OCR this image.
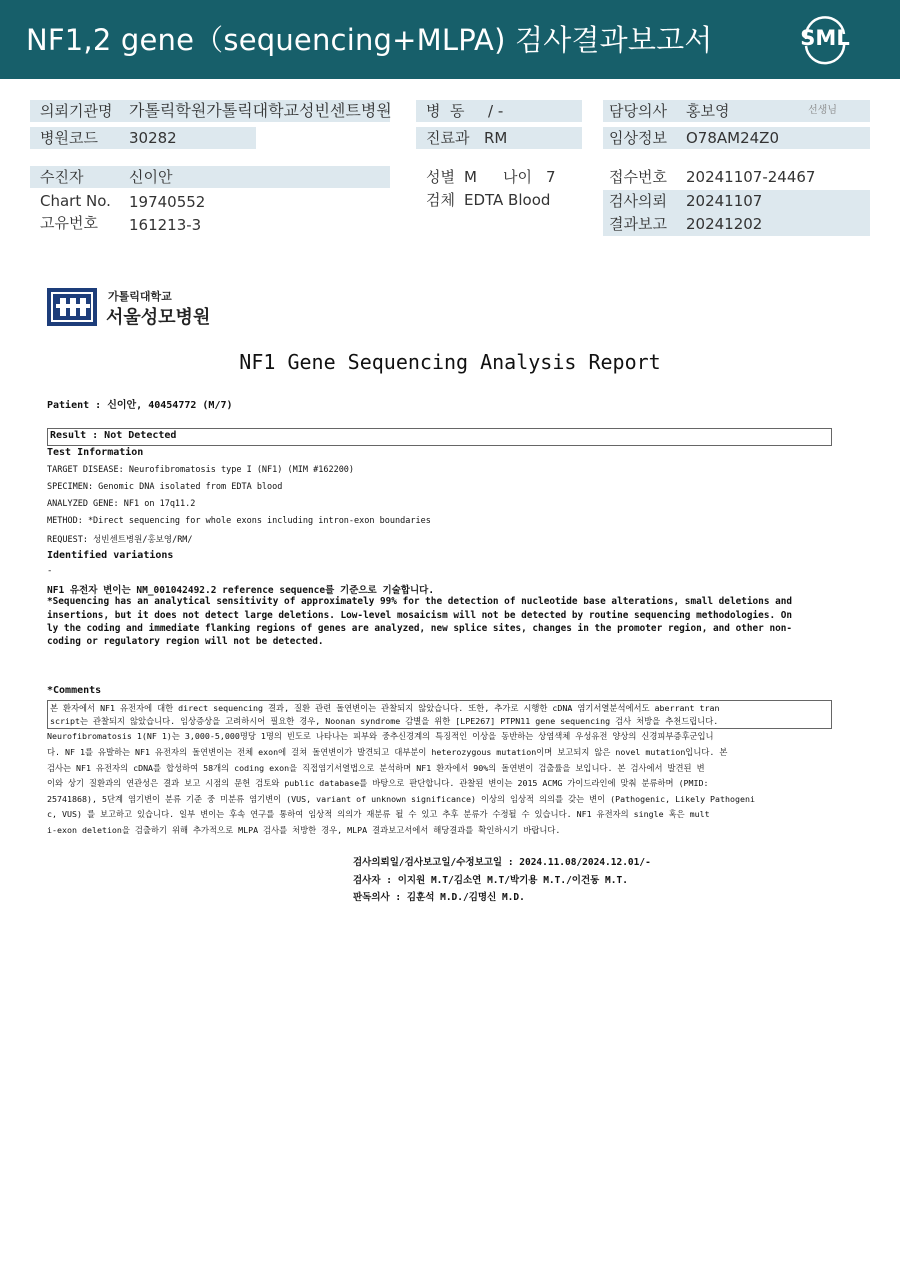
NF1,2 gene（sequencing+MLPA) 검사결과보고서	SML
의뢰기관명 가톨릭학원가톨릭대학교성빈센트병원
병원코드 30282
병  동 / -
진료과 RM
담당의사 홍보영	선생님
임상정보 O78AM24Z0
수진자	신이안
Chart No. 19740552
고유번호 161213-3
성별 M 나이 7
검체 EDTA Blood
접수번호 20241107-24467
검사의뢰 20241107
결과보고 20241202
가톨릭대학교
서울성모병원
NF1 Gene Sequencing Analysis Report
Patient : 신이안, 40454772 (M/7)
Result : Not Detected
Test Information
TARGET DISEASE: Neurofibromatosis type I (NF1) (MIM #162200)
SPECIMEN: Genomic DNA isolated from EDTA blood
ANALYZED GENE: NF1 on 17q11.2
METHOD: *Direct sequencing for whole exons including intron-exon boundaries
REQUEST: 성빈센트병원/홍보영/RM/
Identified variations
-
NF1 유전자 변이는 NM_001042492.2 reference sequence를 기준으로 기술합니다.
*Sequencing has an analytical sensitivity of approximately 99% for the detection of nucleotide base alterations, small deletions and
insertions, but it does not detect large deletions. Low-level mosaicism will not be detected by routine sequencing methodologies. On
ly the coding and immediate flanking regions of genes are analyzed, new splice sites, changes in the promoter region, and other non-
coding or regulatory region will not be detected.
*Comments
본 환자에서 NF1 유전자에 대한 direct sequencing 결과, 질환 관련 돌연변이는 관찰되지 않았습니다. 또한, 추가로 시행한 cDNA 염기서열분석에서도 aberrant tran
script는 관찰되지 않았습니다. 임상증상을 고려하시어 필요한 경우, Noonan syndrome 감별을 위한 [LPE267] PTPN11 gene sequencing 검사 처방을 추천드립니다.
Neurofibromatosis 1(NF 1)는 3,000-5,000명당 1명의 빈도로 나타나는 피부와 중추신경계의 특징적인 이상을 동반하는 상염색체 우성유전 양상의 신경피부증후군입니
다. NF 1를 유발하는 NF1 유전자의 돌연변이는 전체 exon에 걸쳐 돌연변이가 발견되고 대부분이 heterozygous mutation이며 보고되지 않은 novel mutation입니다. 본
검사는 NF1 유전자의 cDNA를 합성하여 58개의 coding exon을 직접염기서열법으로 분석하며 NF1 환자에서 90%의 돌연변이 검출률을 보입니다. 본 검사에서 발견된 변
이와 상기 질환과의 연관성은 결과 보고 시점의 문헌 검토와 public database를 바탕으로 판단합니다. 관찰된 변이는 2015 ACMG 가이드라인에 맞춰 분류하며 (PMID:
25741868), 5단계 염기변이 분류 기준 중 미분류 염기변이 (VUS, variant of unknown significance) 이상의 임상적 의의를 갖는 변이 (Pathogenic, Likely Pathogeni
c, VUS) 를 보고하고 있습니다. 일부 변이는 후속 연구를 통하여 임상적 의의가 재분류 될 수 있고 추후 분류가 수정될 수 있습니다. NF1 유전자의 single 혹은 mult
i-exon deletion을 검출하기 위해 추가적으로 MLPA 검사를 처방한 경우, MLPA 결과보고서에서 해당결과를 확인하시기 바랍니다.
검사의뢰일/검사보고일/수정보고일 : 2024.11.08/2024.12.01/-
검사자 : 이지원 M.T/김소연 M.T/박기용 M.T./이건동 M.T.
판독의사 : 김훈석 M.D./김명신 M.D.
